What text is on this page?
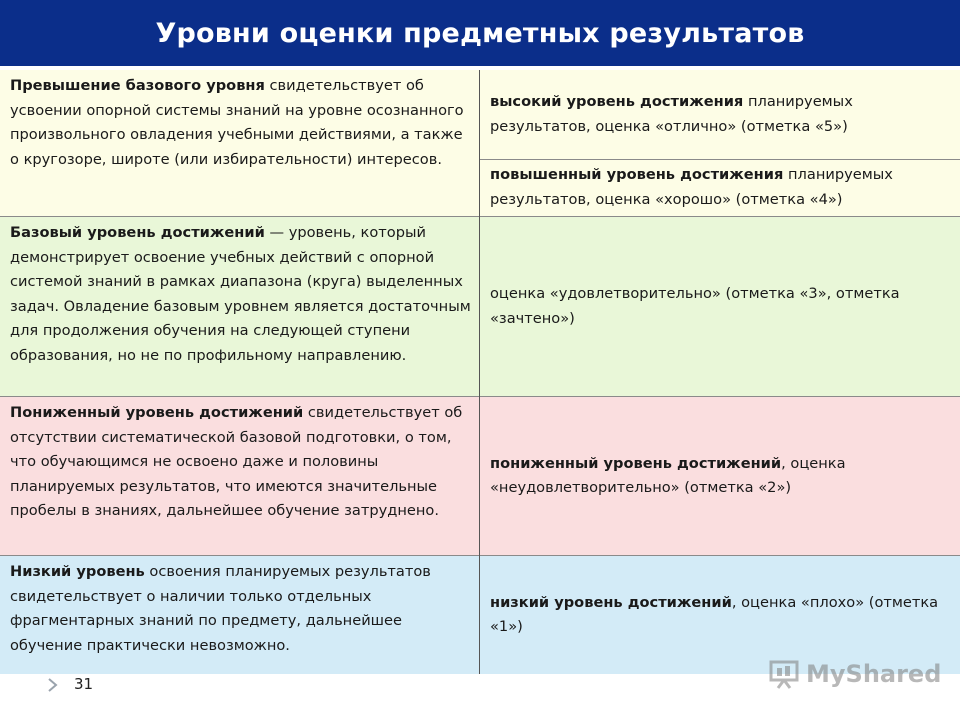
Уровни оценки предметных результатов
Превышение базового уровня свидетельствует об усвоении опорной системы знаний на уровне осознанного произвольного овладения учебными действиями, а также о кругозоре, широте (или избирательности) интересов.
высокий уровень достижения планируемых результатов, оценка «отлично» (отметка «5»)
повышенный уровень достижения планируемых результатов, оценка «хорошо» (отметка «4»)
Базовый уровень достижений — уровень, который демонстрирует освоение учебных действий с опорной системой знаний в рамках диапазона (круга) выделенных задач. Овладение базовым уровнем является достаточным для продолжения обучения на следующей ступени образования, но не по профильному направлению.
оценка «удовлетворительно» (отметка «3», отметка «зачтено»)
Пониженный уровень достижений свидетельствует об отсутствии систематической базовой подготовки, о том, что обучающимся не освоено даже и половины планируемых результатов, что имеются значительные пробелы в знаниях, дальнейшее обучение затруднено.
пониженный уровень достижений, оценка «неудовлетворительно» (отметка «2»)
Низкий уровень освоения планируемых результатов свидетельствует о наличии только отдельных фрагментарных знаний по предмету, дальнейшее обучение практически невозможно.
низкий уровень достижений, оценка «плохо» (отметка «1»)
31	MyShared
